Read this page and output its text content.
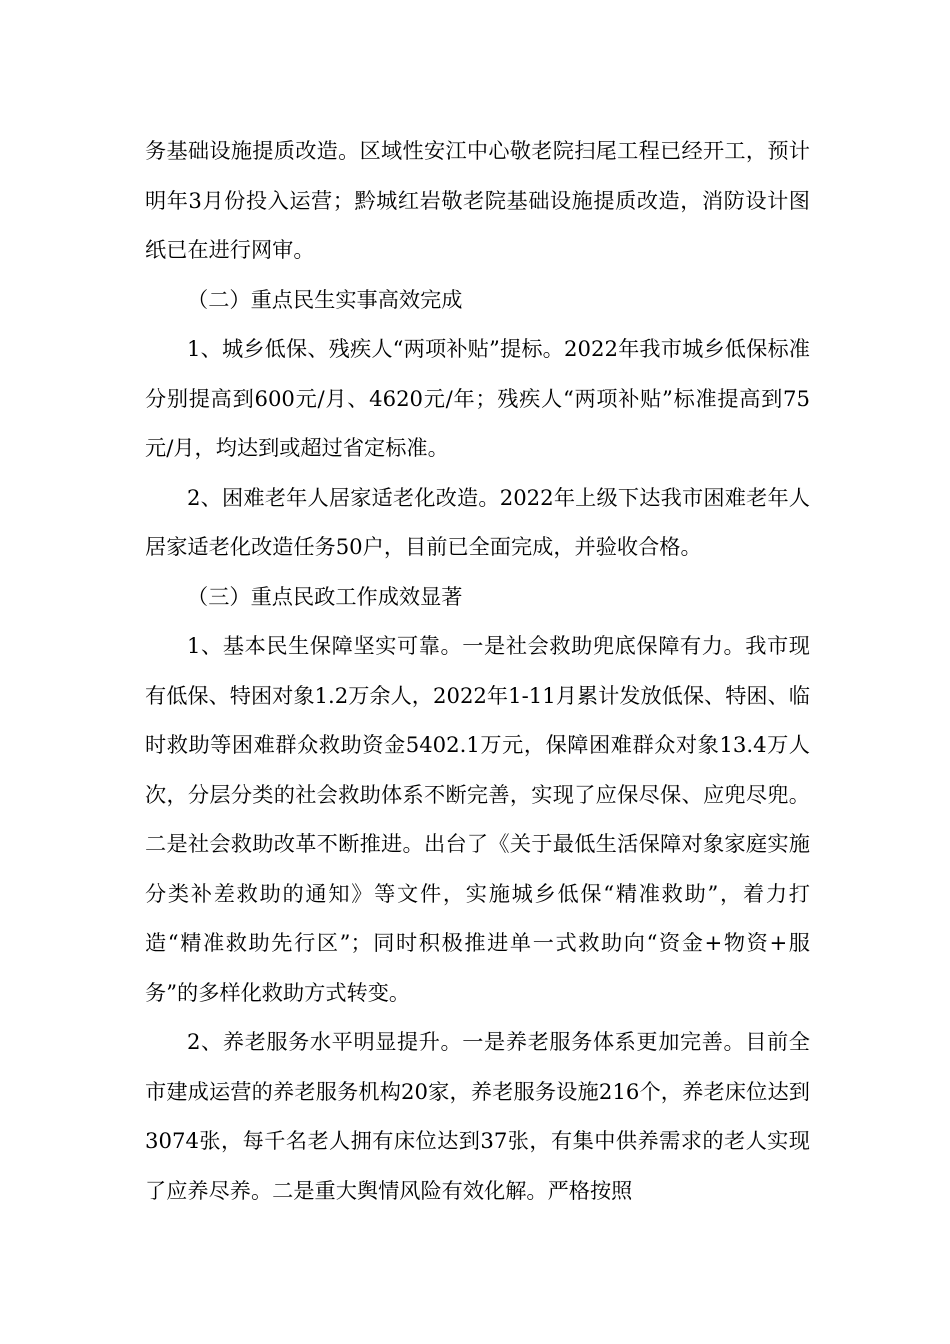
务基础设施提质改造。区域性安江中心敬老院扫尾工程已经开工，预计明年3月份投入运营；黔城红岩敬老院基础设施提质改造，消防设计图纸已在进行网审。

（二）重点民生实事高效完成

1、城乡低保、残疾人“两项补贴”提标。2022年我市城乡低保标准分别提高到600元/月、4620元/年；残疾人“两项补贴”标准提高到75元/月，均达到或超过省定标准。

2、困难老年人居家适老化改造。2022年上级下达我市困难老年人居家适老化改造任务50户，目前已全面完成，并验收合格。

（三）重点民政工作成效显著

1、基本民生保障坚实可靠。一是社会救助兜底保障有力。我市现有低保、特困对象1.2万余人，2022年1-11月累计发放低保、特困、临时救助等困难群众救助资金5402.1万元，保障困难群众对象13.4万人次，分层分类的社会救助体系不断完善，实现了应保尽保、应兜尽兜。二是社会救助改革不断推进。出台了《关于最低生活保障对象家庭实施分类补差救助的通知》等文件，实施城乡低保“精准救助”，着力打造“精准救助先行区”；同时积极推进单一式救助向“资金+物资+服务”的多样化救助方式转变。

2、养老服务水平明显提升。一是养老服务体系更加完善。目前全市建成运营的养老服务机构20家，养老服务设施216个，养老床位达到3074张，每千名老人拥有床位达到37张，有集中供养需求的老人实现了应养尽养。二是重大舆情风险有效化解。严格按照
